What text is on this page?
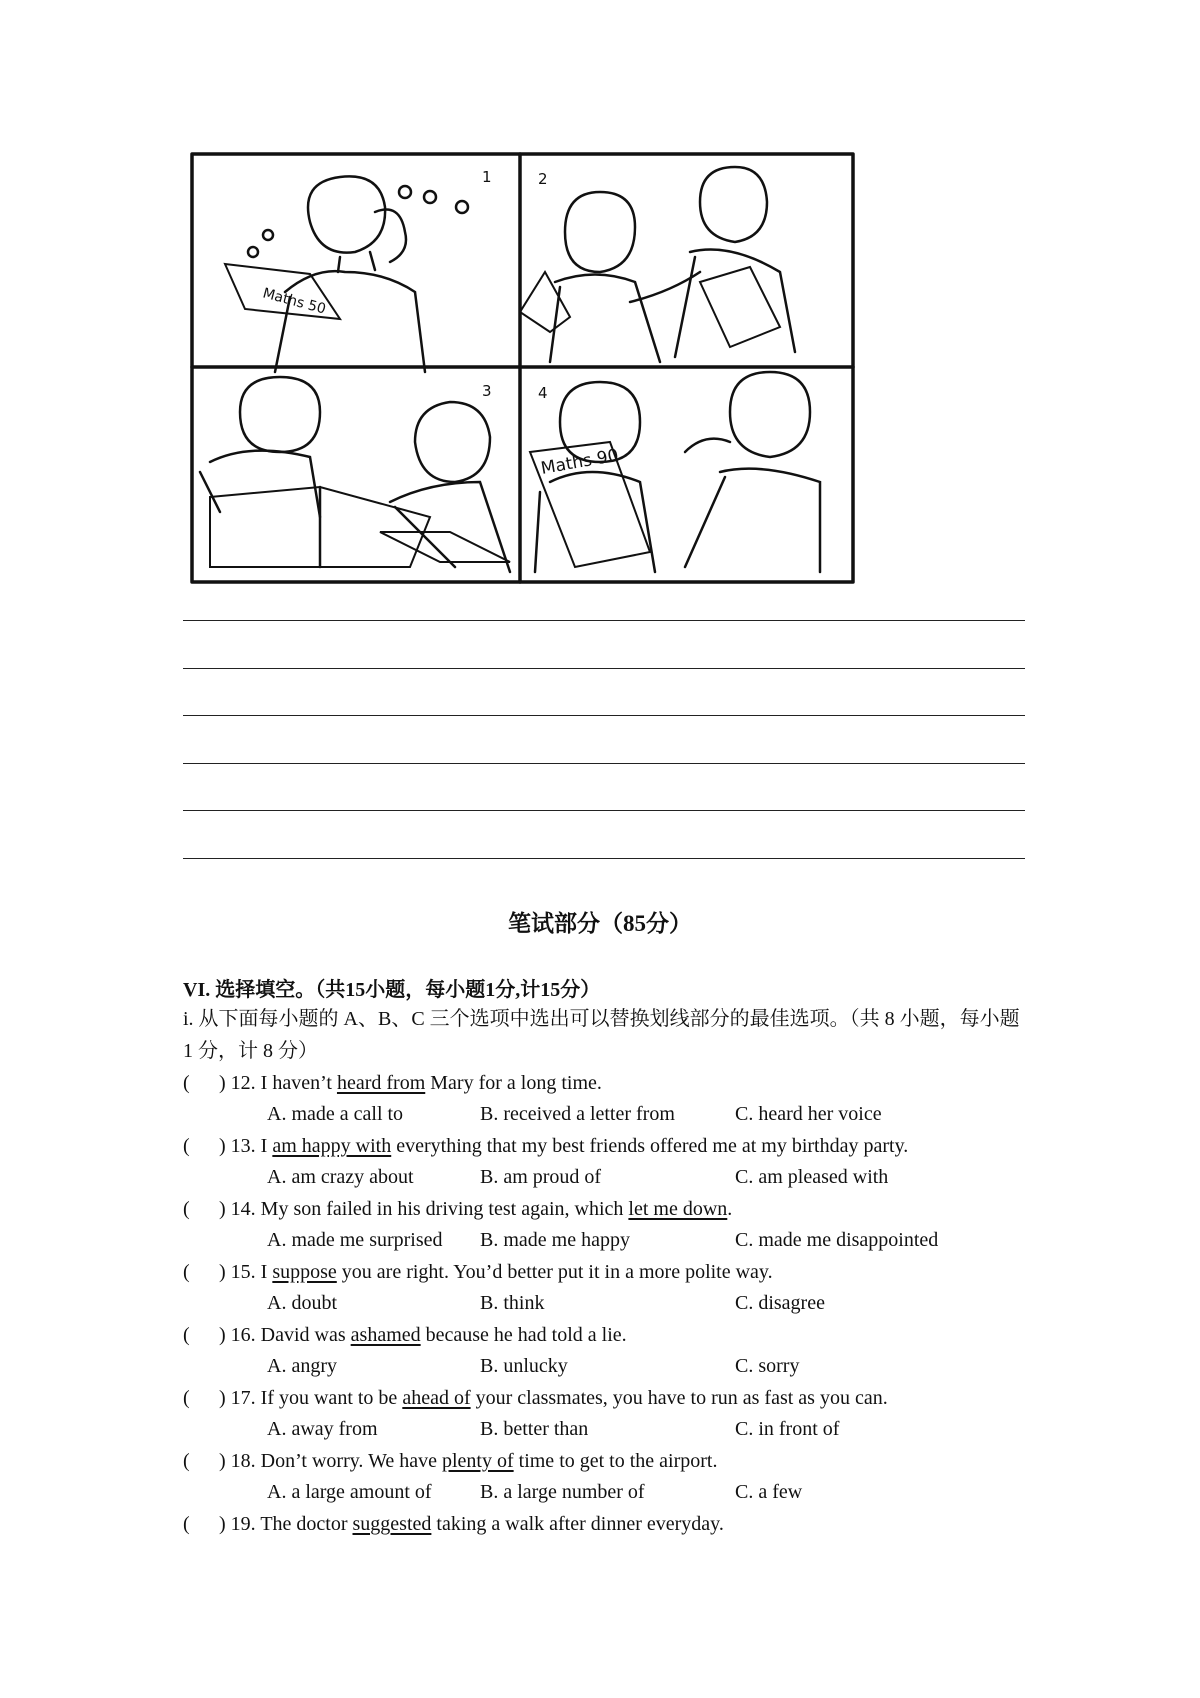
Maths 50
1	2
3
Maths 90
4
笔试部分（85分）
VI. 选择填空。（共15小题，每小题1分,计15分）
i. 从下面每小题的 A、B、C 三个选项中选出可以替换划线部分的最佳选项。（共 8 小题，每小题 1 分，计 8 分）
( ) 12. I haven’t heard from Mary for a long time.
A. made a call to	B. received a letter from	C. heard her voice
( ) 13. I am happy with everything that my best friends offered me at my birthday party.
A. am crazy about	B. am proud of	C. am pleased with
( ) 14. My son failed in his driving test again, which let me down.
A. made me surprised B. made me happy	C. made me disappointed
( ) 15. I suppose you are right. You’d better put it in a more polite way.
A. doubt	B. think	C. disagree
( ) 16. David was ashamed because he had told a lie.
A. angry	B. unlucky	C. sorry
( ) 17. If you want to be ahead of your classmates, you have to run as fast as you can.
A. away from	B. better than	C. in front of
( ) 18. Don’t worry. We have plenty of time to get to the airport.
A. a large amount of B. a large number of	C. a few
( ) 19. The doctor suggested taking a walk after dinner everyday.
